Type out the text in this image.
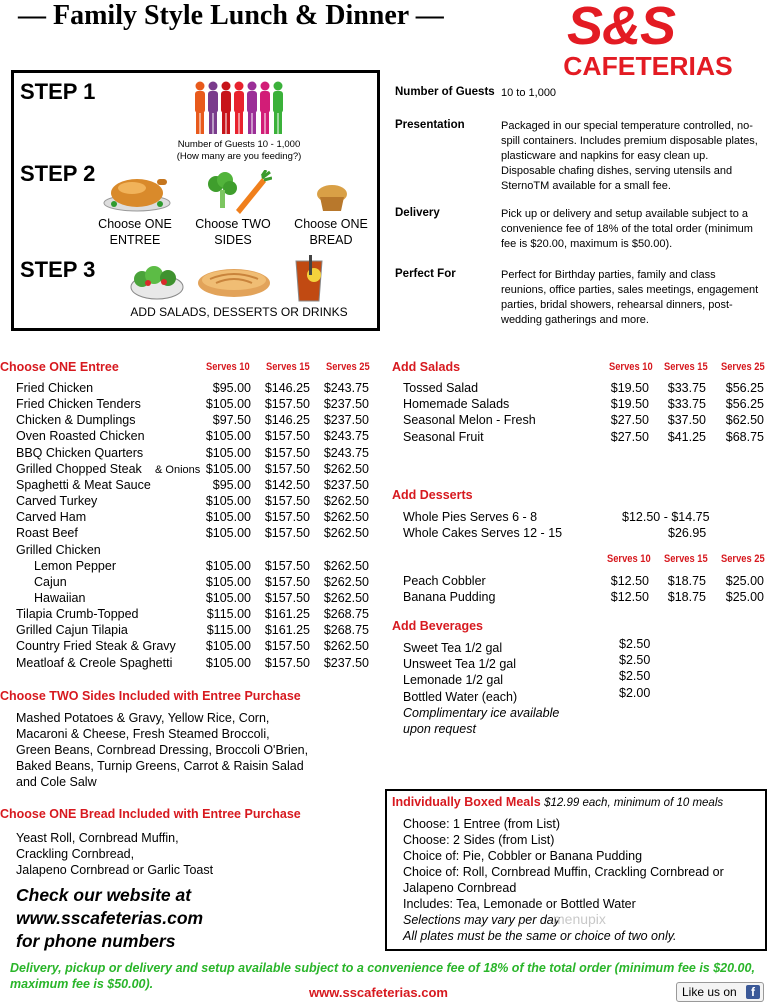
— Family Style Lunch & Dinner — S&S
CAFETERIAS
STEP 1
Number of Guests 10 - 1,000
(How many are you feeding?)
STEP 2
Choose ONE
ENTREE
Choose TWO
SIDES
Choose ONE
BREAD
STEP 3
ADD SALADS, DESSERTS OR DRINKS
Number of Guests 10 to 1,000
Presentation	Packaged in our special temperature controlled, no-spill containers. Includes premium disposable plates, plasticware and napkins for easy clean up. Disposable chafing dishes, serving utensils and SternoTM available for a small fee.
Delivery	Pick up or delivery and setup available subject to a convenience fee of 18% of the total order (minimum fee is $20.00, maximum is $50.00).
Perfect For	Perfect for Birthday parties, family and class reunions, office parties, sales meetings, engagement parties, bridal showers, rehearsal dinners, post-wedding gatherings and more.
Choose ONE Entree	Serves 10 Serves 15 Serves 25
Fried Chicken	$95.00	$146.25	$243.75
Fried Chicken Tenders	$105.00	$157.50	$237.50
Chicken & Dumplings	$97.50	$146.25	$237.50
Oven Roasted Chicken	$105.00	$157.50	$243.75
BBQ Chicken Quarters	$105.00	$157.50	$243.75
Grilled Chopped Steak	& Onions $105.00	$157.50	$262.50
Spaghetti & Meat Sauce	$95.00	$142.50	$237.50
Carved Turkey	$105.00	$157.50	$262.50
Carved Ham	$105.00	$157.50	$262.50
Roast Beef	$105.00	$157.50	$262.50
Grilled Chicken
Lemon Pepper	$105.00	$157.50	$262.50
Cajun	$105.00	$157.50	$262.50
Hawaiian	$105.00	$157.50	$262.50
Tilapia Crumb-Topped	$115.00	$161.25	$268.75
Grilled Cajun Tilapia	$115.00	$161.25	$268.75
Country Fried Steak & Gravy	$105.00	$157.50	$262.50
Meatloaf & Creole Spaghetti	$105.00	$157.50	$237.50
Choose TWO Sides Included with Entree Purchase
Mashed Potatoes & Gravy, Yellow Rice, Corn,
Macaroni & Cheese, Fresh Steamed Broccoli,
Green Beans, Cornbread Dressing, Broccoli O'Brien,
Baked Beans, Turnip Greens, Carrot & Raisin Salad
and Cole Salw
Choose ONE Bread Included with Entree Purchase
Yeast Roll, Cornbread Muffin,
Crackling Cornbread,
Jalapeno Cornbread or Garlic Toast
Check our website at
www.sscafeterias.com
for phone numbers
Add Salads	Serves 10 Serves 15 Serves 25
Tossed Salad	$19.50	$33.75	$56.25
Homemade Salads	$19.50	$33.75	$56.25
Seasonal Melon - Fresh	$27.50	$37.50	$62.50
Seasonal Fruit	$27.50	$41.25	$68.75
Add Desserts
Whole Pies Serves 6 - 8	$12.50 - $14.75
Whole Cakes Serves 12 - 15	$26.95
Serves 10 Serves 15 Serves 25
Peach Cobbler	$12.50	$18.75	$25.00
Banana Pudding	$12.50	$18.75	$25.00
Add Beverages
Sweet Tea 1/2 gal	$2.50
Unsweet Tea 1/2 gal	$2.50
Lemonade 1/2 gal	$2.50
Bottled Water (each)	$2.00
Complimentary ice available
upon request
Individually Boxed Meals $12.99 each, minimum of 10 meals
Choose: 1 Entree (from List)
Choose: 2 Sides (from List)
Choice of: Pie, Cobbler or Banana Pudding
Choice of: Roll, Cornbread Muffin, Crackling Cornbread or
Jalapeno Cornbread
Includes: Tea, Lemonade or Bottled Water
Selections may vary per day
All plates must be the same or choice of two only.
menupix
Delivery, pickup or delivery and setup available subject to a convenience fee of 18% of the total order (minimum fee is $20.00, maximum fee is $50.00).
www.sscafeterias.com	Like us on	f
